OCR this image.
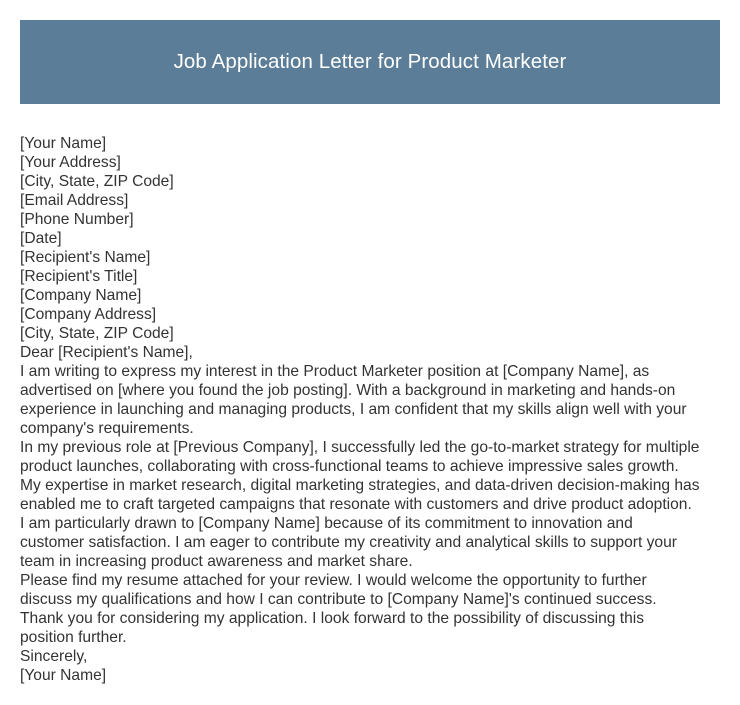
Job Application Letter for Product Marketer
[Your Name]
[Your Address]
[City, State, ZIP Code]
[Email Address]
[Phone Number]
[Date]
[Recipient's Name]
[Recipient's Title]
[Company Name]
[Company Address]
[City, State, ZIP Code]
Dear [Recipient's Name],
I am writing to express my interest in the Product Marketer position at [Company Name], as
advertised on [where you found the job posting]. With a background in marketing and hands-on
experience in launching and managing products, I am confident that my skills align well with your
company's requirements.
In my previous role at [Previous Company], I successfully led the go-to-market strategy for multiple
product launches, collaborating with cross-functional teams to achieve impressive sales growth.
My expertise in market research, digital marketing strategies, and data-driven decision-making has
enabled me to craft targeted campaigns that resonate with customers and drive product adoption.
I am particularly drawn to [Company Name] because of its commitment to innovation and
customer satisfaction. I am eager to contribute my creativity and analytical skills to support your
team in increasing product awareness and market share.
Please find my resume attached for your review. I would welcome the opportunity to further
discuss my qualifications and how I can contribute to [Company Name]'s continued success.
Thank you for considering my application. I look forward to the possibility of discussing this
position further.
Sincerely,
[Your Name]
